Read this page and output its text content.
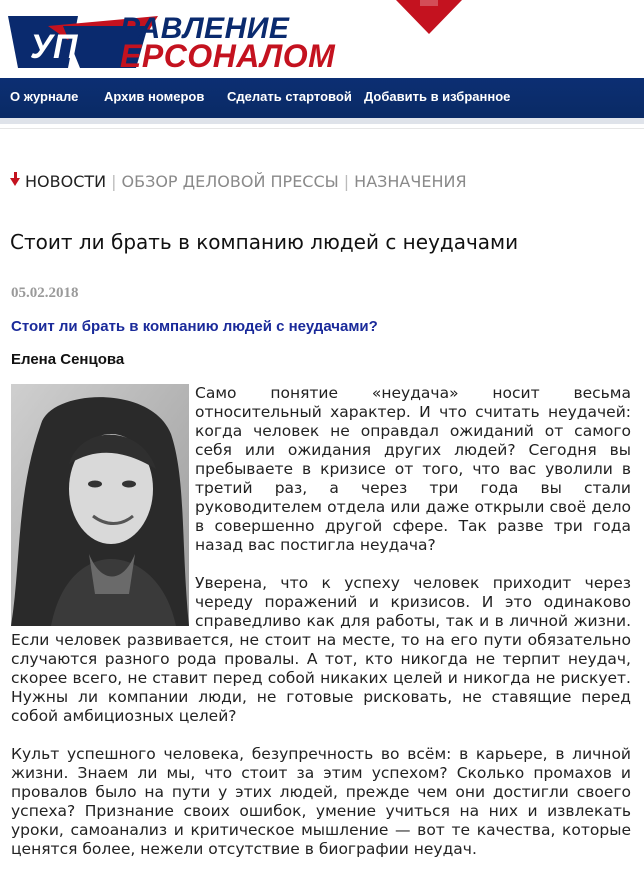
УП РАВЛЕНИЕ
ЕРСОНАЛОМ
О журнале Архив номеров Сделать стартовой Добавить в избранное
НОВОСТИ | ОБЗОР ДЕЛОВОЙ ПРЕССЫ | НАЗНАЧЕНИЯ
Стоит ли брать в компанию людей с неудачами
05.02.2018
Стоит ли брать в компанию людей с неудачами?
Елена Сенцова

Само понятие «неудача» носит весьма относительный характер. И что считать неудачей: когда человек не оправдал ожиданий от самого себя или ожидания других людей? Сегодня вы пребываете в кризисе от того, что вас уволили в третий раз, а через три года вы стали руководителем отдела или даже открыли своё дело в совершенно другой сфере. Так разве три года назад вас постигла неудача?

Уверена, что к успеху человек приходит через череду поражений и кризисов. И это одинаково справедливо как для работы, так и в личной жизни. Если человек развивается, не стоит на месте, то на его пути обязательно случаются разного рода провалы. А тот, кто никогда не терпит неудач, скорее всего, не ставит перед собой никаких целей и никогда не рискует. Нужны ли компании люди, не готовые рисковать, не ставящие перед собой амбициозных целей?

Культ успешного человека, безупречность во всём: в карьере, в личной жизни. Знаем ли мы, что стоит за этим успехом? Сколько промахов и провалов было на пути у этих людей, прежде чем они достигли своего успеха? Признание своих ошибок, умение учиться на них и извлекать уроки, самоанализ и критическое мышление — вот те качества, которые ценятся более, нежели отсутствие в биографии неудач.
